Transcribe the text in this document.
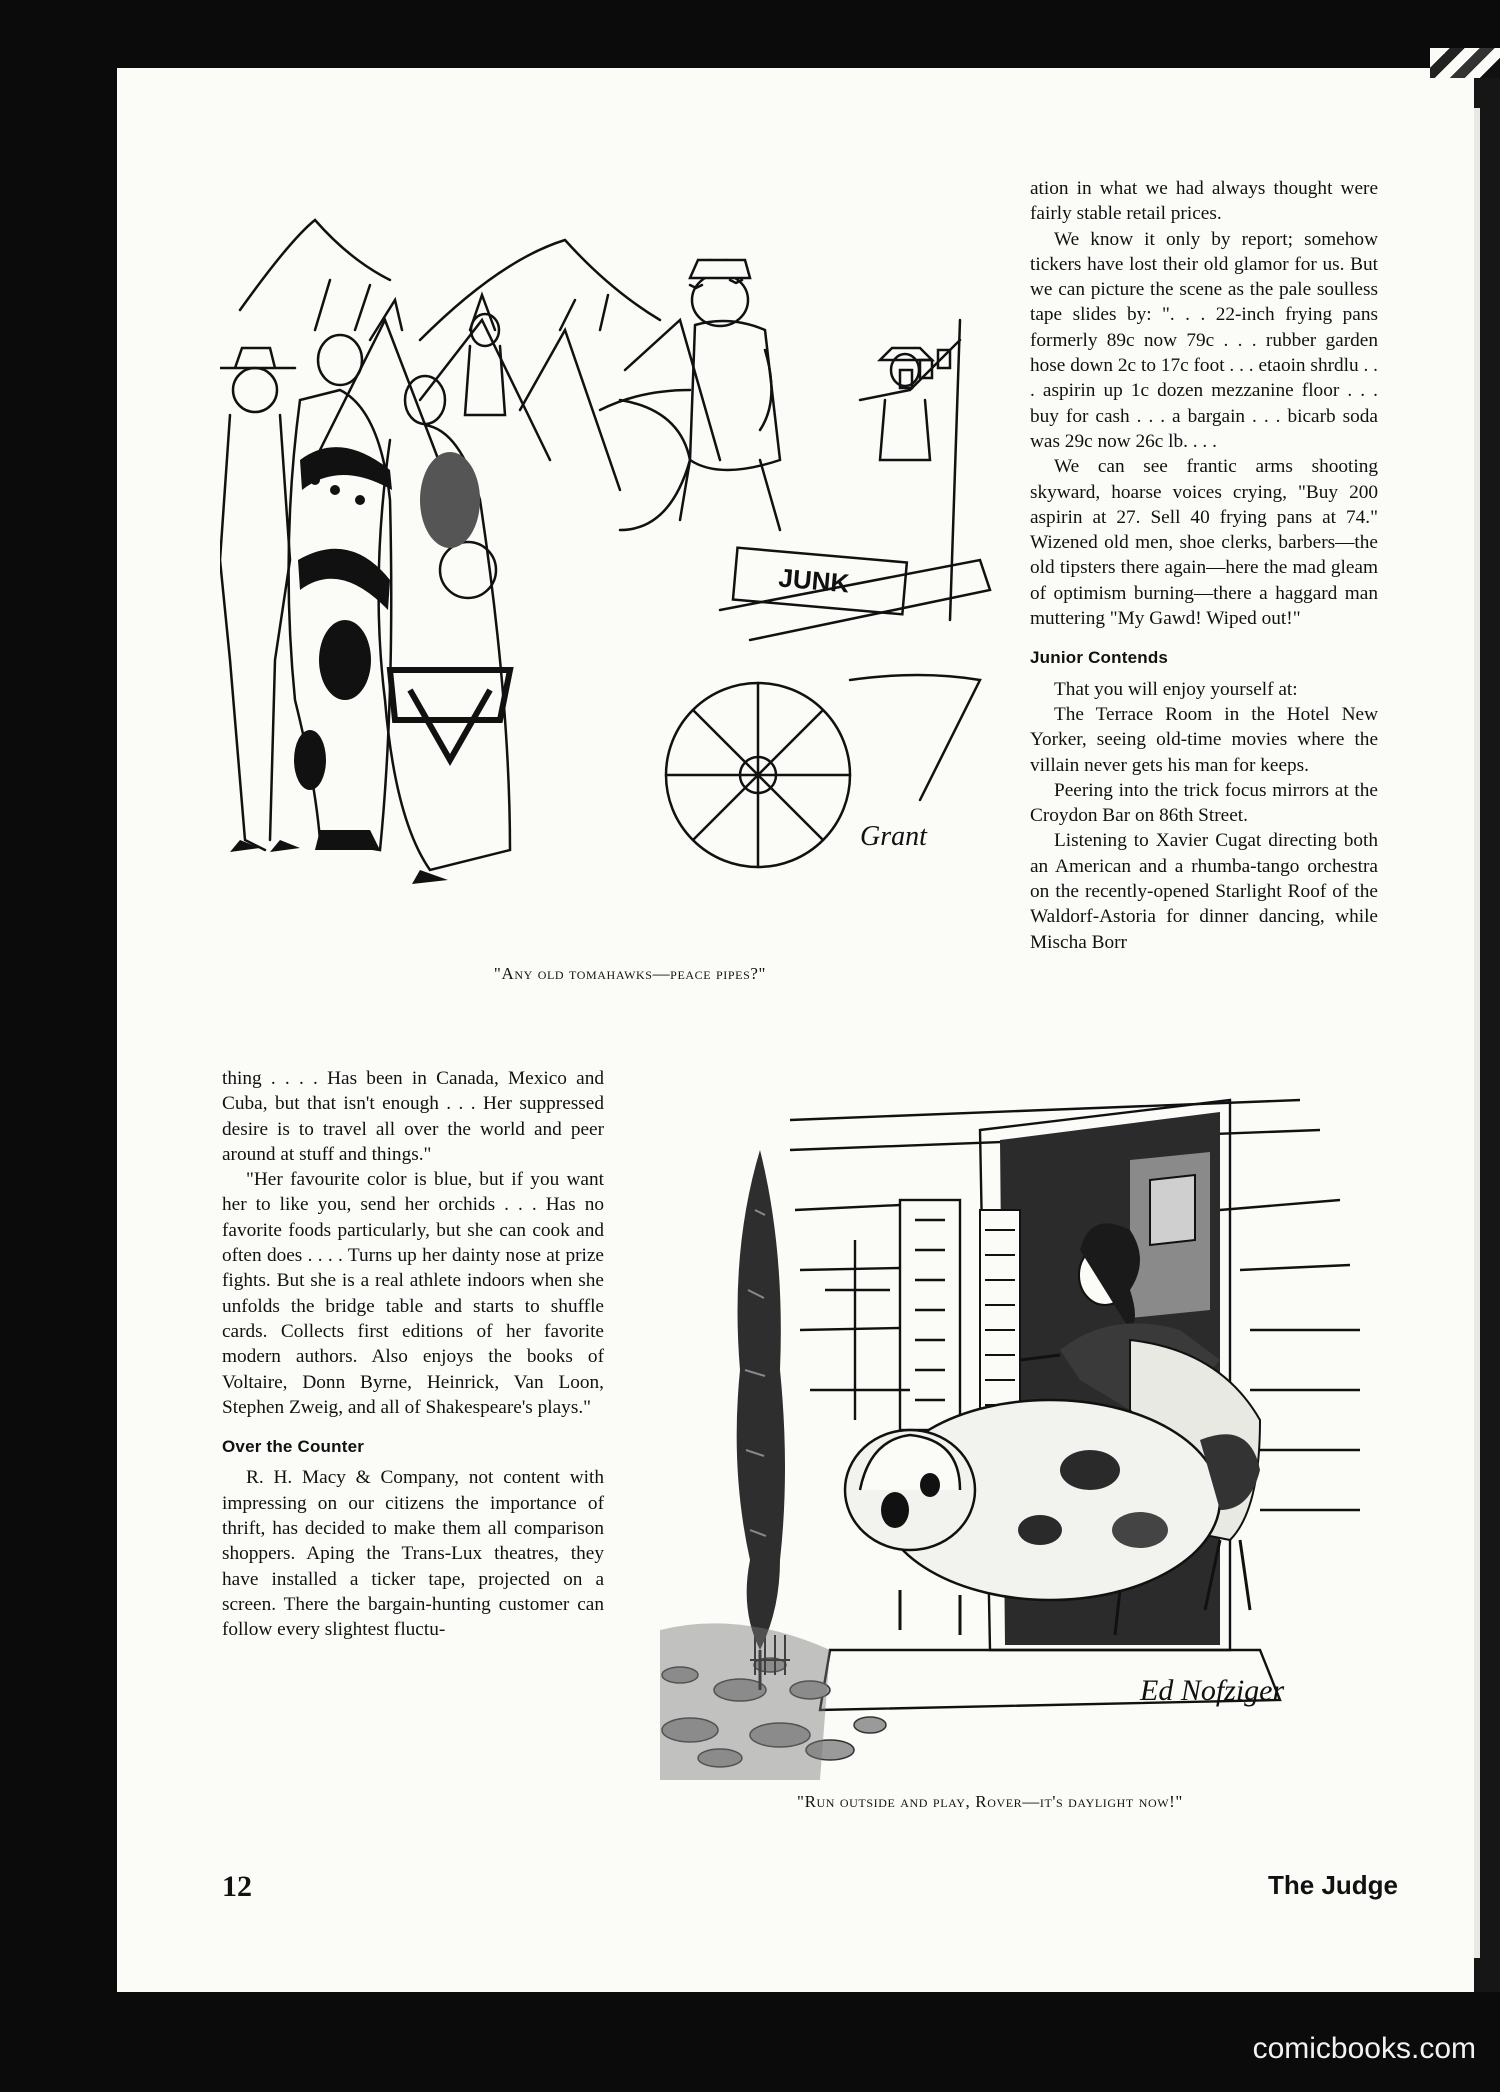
JUNK
Grant
"Any old tomahawks—peace pipes?"

ation in what we had always thought were fairly stable retail prices.

We know it only by report; somehow tickers have lost their old glamor for us. But we can picture the scene as the pale soulless tape slides by: ". . . 22-inch frying pans formerly 89c now 79c . . . rubber garden hose down 2c to 17c foot . . . etaoin shrdlu . . . aspirin up 1c dozen mezzanine floor . . . buy for cash . . . a bargain . . . bicarb soda was 29c now 26c lb. . . .

We can see frantic arms shooting skyward, hoarse voices crying, "Buy 200 aspirin at 27. Sell 40 frying pans at 74." Wizened old men, shoe clerks, barbers—the old tipsters there again—here the mad gleam of optimism burning—there a haggard man muttering "My Gawd! Wiped out!"

Junior Contends

That you will enjoy yourself at:

The Terrace Room in the Hotel New Yorker, seeing old-time movies where the villain never gets his man for keeps.

Peering into the trick focus mirrors at the Croydon Bar on 86th Street.

Listening to Xavier Cugat directing both an American and a rhumba-tango orchestra on the recently-opened Starlight Roof of the Waldorf-Astoria for dinner dancing, while Mischa Borr

thing . . . . Has been in Canada, Mexico and Cuba, but that isn't enough . . . Her suppressed desire is to travel all over the world and peer around at stuff and things."

"Her favourite color is blue, but if you want her to like you, send her orchids . . . Has no favorite foods particularly, but she can cook and often does . . . . Turns up her dainty nose at prize fights. But she is a real athlete indoors when she unfolds the bridge table and starts to shuffle cards. Collects first editions of her favorite modern authors. Also enjoys the books of Voltaire, Donn Byrne, Heinrick, Van Loon, Stephen Zweig, and all of Shakespeare's plays."

Over the Counter

R. H. Macy & Company, not content with impressing on our citizens the importance of thrift, has decided to make them all comparison shoppers. Aping the Trans-Lux theatres, they have installed a ticker tape, projected on a screen. There the bargain-hunting customer can follow every slightest fluctu-

Ed Nofziger
"Run outside and play, Rover—it's daylight now!"
12	The Judge
comicbooks.com
